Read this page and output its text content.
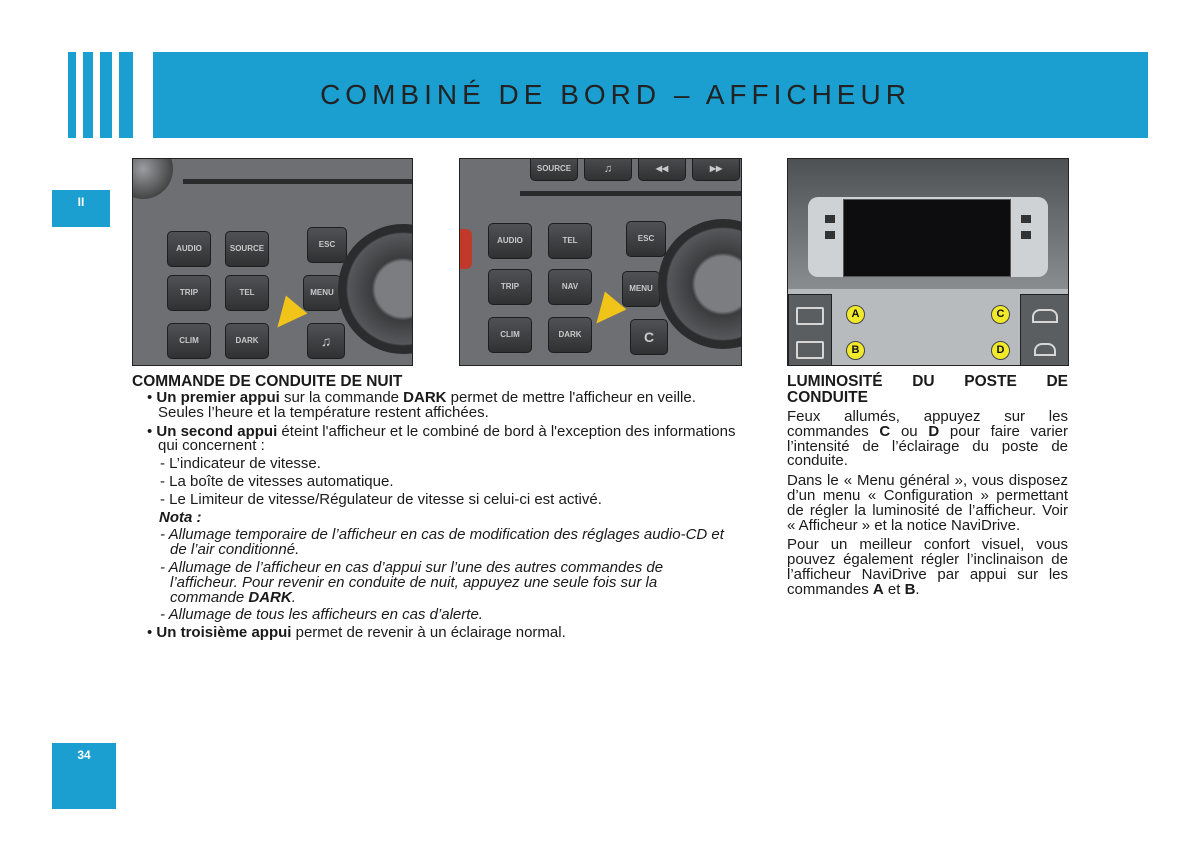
COMBINÉ DE BORD – AFFICHEUR
II
AUDIO	SOURCE	ESC
TRIP	TEL	MENU
CLIM	DARK	♫
SOURCE	♫	◀◀	▶▶
AUDIO	TEL	ESC
TRIP	NAV	MENU
CLIM	DARK	C
A
B
C
D
COMMANDE DE CONDUITE DE NUIT

• Un premier appui sur la commande DARK permet de mettre l'afficheur en veille. Seules l’heure et la température restent affichées.

• Un second appui éteint l'afficheur et le combiné de bord à l'exception des informations qui concernent :

- L’indicateur de vitesse.

- La boîte de vitesses automatique.

- Le Limiteur de vitesse/Régulateur de vitesse si celui-ci est activé.

Nota :

- Allumage temporaire de l’afficheur en cas de modification des réglages audio-CD et de l’air conditionné.

- Allumage de l’afficheur en cas d’appui sur l’une des autres commandes de l’afficheur. Pour revenir en conduite de nuit, appuyez une seule fois sur la commande DARK.

- Allumage de tous les afficheurs en cas d’alerte.

• Un troisième appui permet de revenir à un éclairage normal.

LUMINOSITÉ DU POSTE DE CONDUITE

Feux allumés, appuyez sur les commandes C ou D pour faire varier l’intensité de l’éclairage du poste de conduite.

Dans le « Menu général », vous disposez d’un menu « Configuration » permettant de régler la luminosité de l’afficheur. Voir « Afficheur » et la notice NaviDrive.

Pour un meilleur confort visuel, vous pouvez également régler l’inclinaison de l’afficheur NaviDrive par appui sur les commandes A et B.

34
